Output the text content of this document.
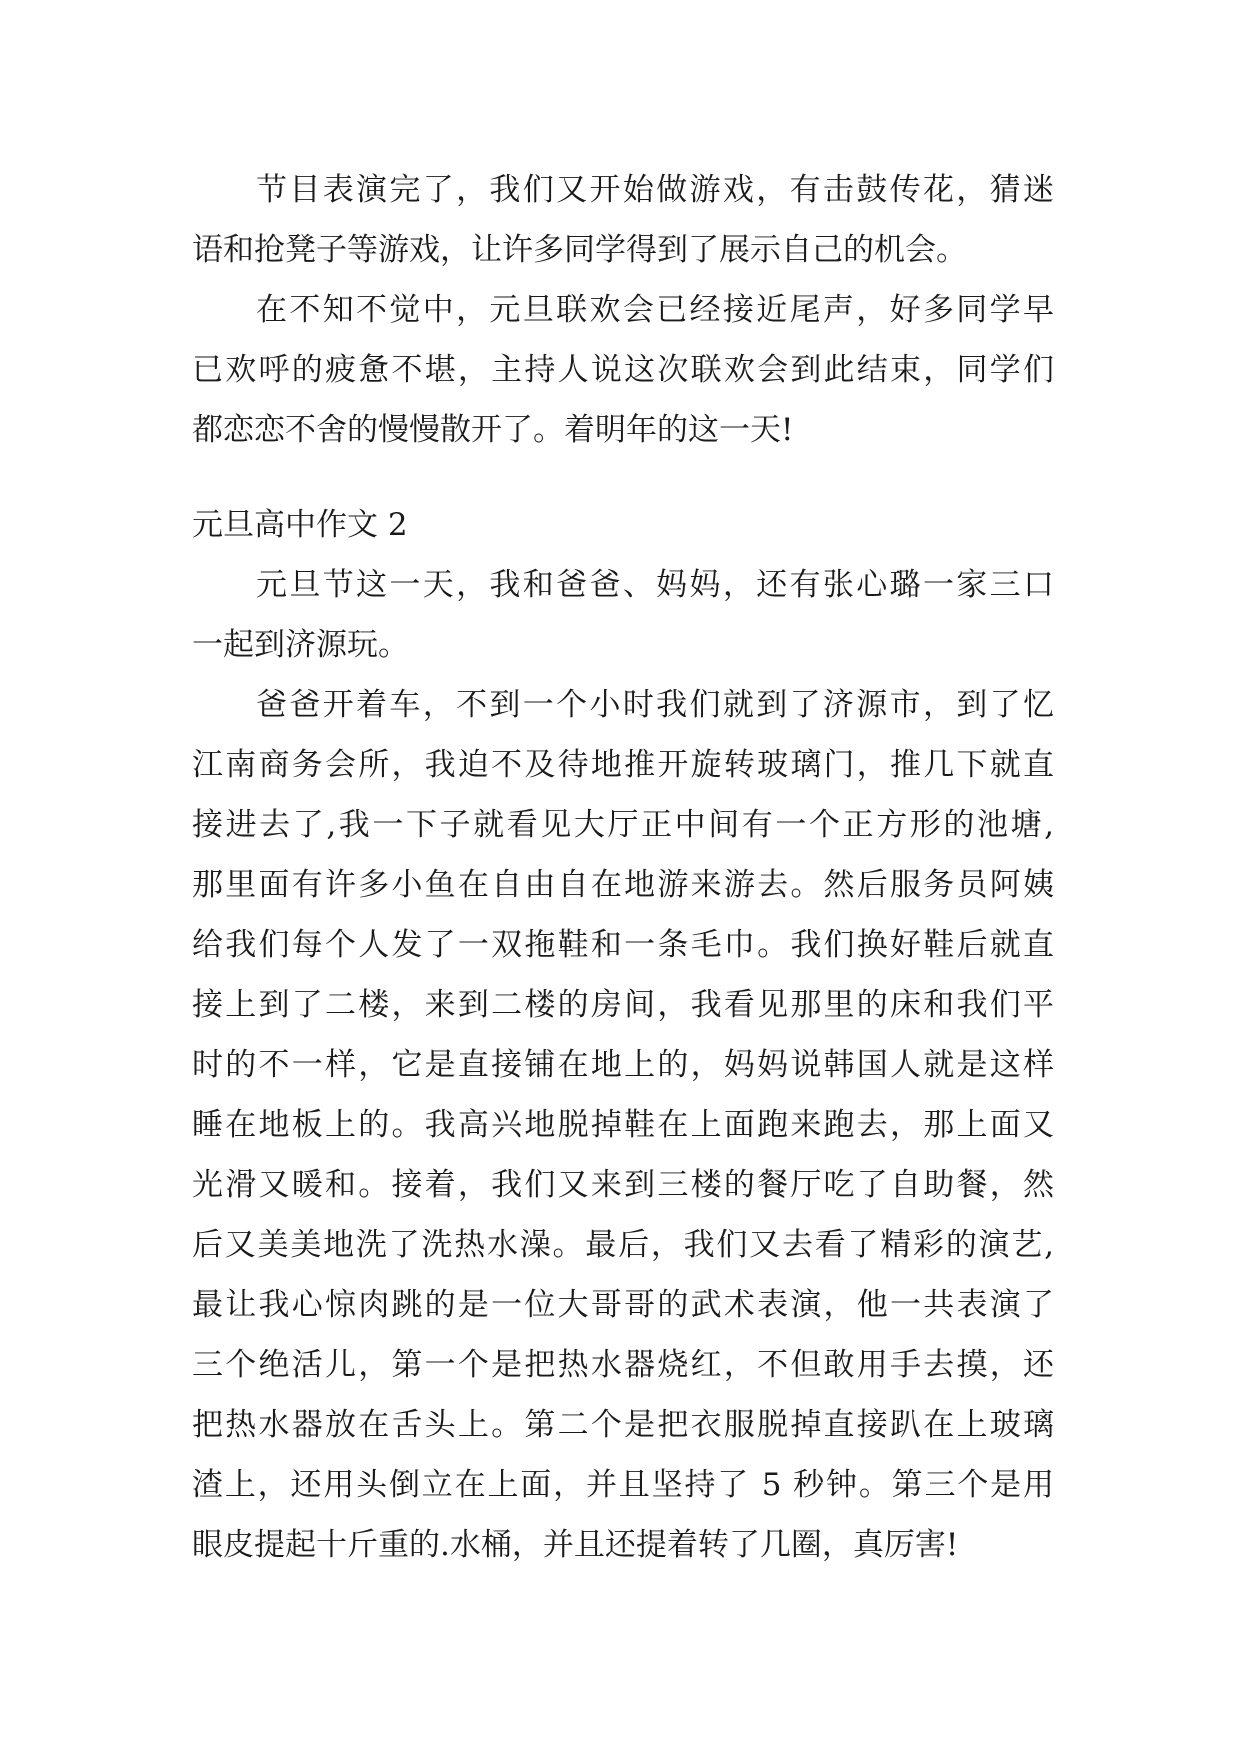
节目表演完了，我们又开始做游戏，有击鼓传花，猜迷
语和抢凳子等游戏，让许多同学得到了展示自己的机会。
在不知不觉中，元旦联欢会已经接近尾声，好多同学早
已欢呼的疲惫不堪，主持人说这次联欢会到此结束，同学们
都恋恋不舍的慢慢散开了。着明年的这一天!
元旦高中作文 2
元旦节这一天，我和爸爸、妈妈，还有张心璐一家三口
一起到济源玩。
爸爸开着车，不到一个小时我们就到了济源市，到了忆
江南商务会所，我迫不及待地推开旋转玻璃门，推几下就直
接进去了,我一下子就看见大厅正中间有一个正方形的池塘,
那里面有许多小鱼在自由自在地游来游去。然后服务员阿姨
给我们每个人发了一双拖鞋和一条毛巾。我们换好鞋后就直
接上到了二楼，来到二楼的房间，我看见那里的床和我们平
时的不一样，它是直接铺在地上的，妈妈说韩国人就是这样
睡在地板上的。我高兴地脱掉鞋在上面跑来跑去，那上面又
光滑又暖和。接着，我们又来到三楼的餐厅吃了自助餐，然
后又美美地洗了洗热水澡。最后，我们又去看了精彩的演艺,
最让我心惊肉跳的是一位大哥哥的武术表演，他一共表演了
三个绝活儿，第一个是把热水器烧红，不但敢用手去摸，还
把热水器放在舌头上。第二个是把衣服脱掉直接趴在上玻璃
渣上，还用头倒立在上面，并且坚持了 5 秒钟。第三个是用
眼皮提起十斤重的.水桶，并且还提着转了几圈，真厉害!
